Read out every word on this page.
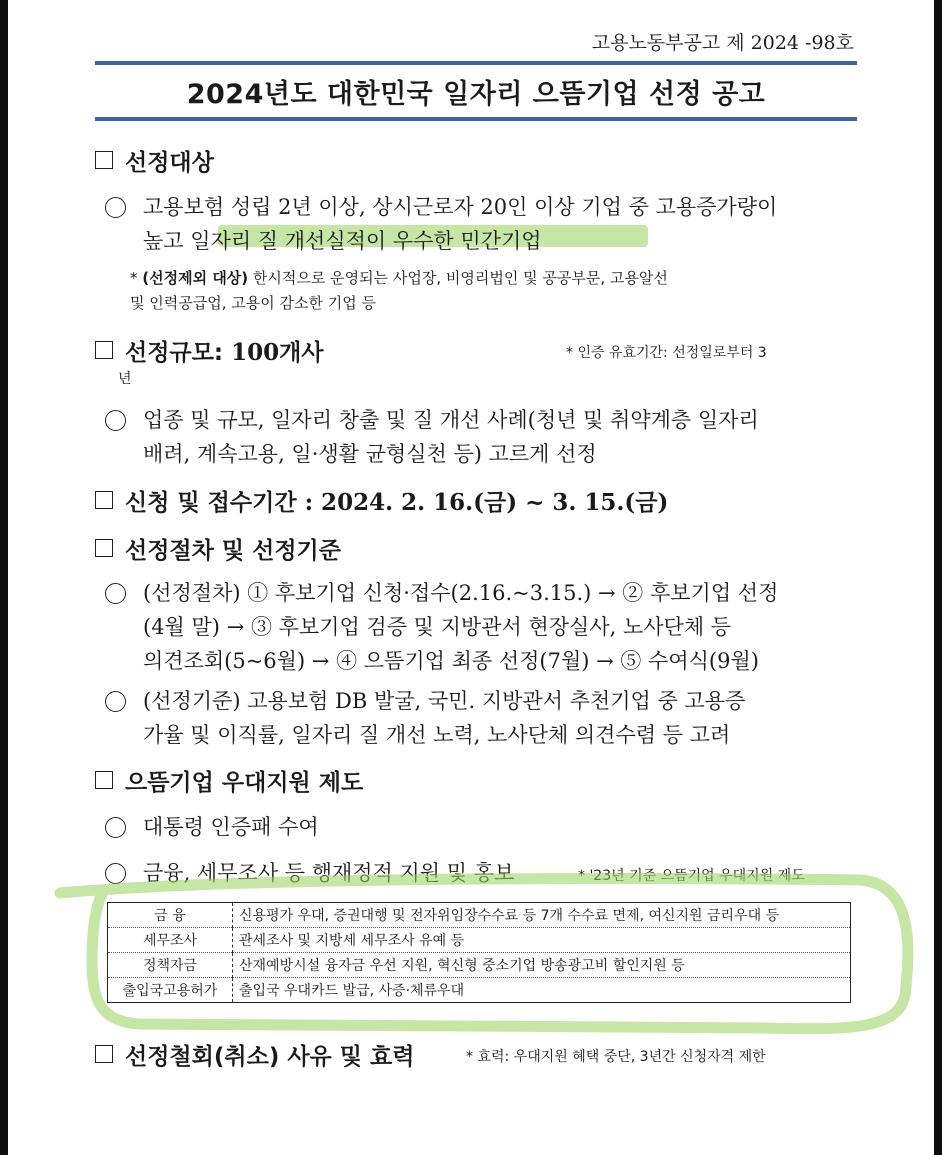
고용노동부공고 제 2024 -98호
2024년도 대한민국 일자리 으뜸기업 선정 공고
선정대상
고용보험 성립 2년 이상, 상시근로자 20인 이상 기업 중 고용증가량이
높고 일자리 질 개선실적이 우수한 민간기업
* (선정제외 대상) 한시적으로 운영되는 사업장, 비영리법인 및 공공부문, 고용알선
및 인력공급업, 고용이 감소한 기업 등
선정규모: 100개사	* 인증 유효기간: 선정일로부터 3
년
업종 및 규모, 일자리 창출 및 질 개선 사례(청년 및 취약계층 일자리
배려, 계속고용, 일·생활 균형실천 등) 고르게 선정
신청 및 접수기간 : 2024. 2. 16.(금) ~ 3. 15.(금)
선정절차 및 선정기준
(선정절차) ① 후보기업 신청·접수(2.16.~3.15.) → ② 후보기업 선정
(4월 말) → ③ 후보기업 검증 및 지방관서 현장실사, 노사단체 등
의견조회(5~6월) → ④ 으뜸기업 최종 선정(7월) → ⑤ 수여식(9월)
(선정기준) 고용보험 DB 발굴, 국민. 지방관서 추천기업 중 고용증
가율 및 이직률, 일자리 질 개선 노력, 노사단체 의견수렴 등 고려
으뜸기업 우대지원 제도
대통령 인증패 수여
금융, 세무조사 등 행재정적 지원 및 홍보	* '23년 기준 으뜸기업 우대지원 제도
금 융	신용평가 우대, 증권대행 및 전자위임장수수료 등 7개 수수료 면제, 여신지원 금리우대 등
세무조사	관세조사 및 지방세 세무조사 유예 등
정책자금	산재예방시설 융자금 우선 지원, 혁신형 중소기업 방송광고비 할인지원 등
출입국고용허가	출입국 우대카드 발급, 사증·체류우대
선정철회(취소) 사유 및 효력	* 효력: 우대지원 혜택 중단, 3년간 신청자격 제한
